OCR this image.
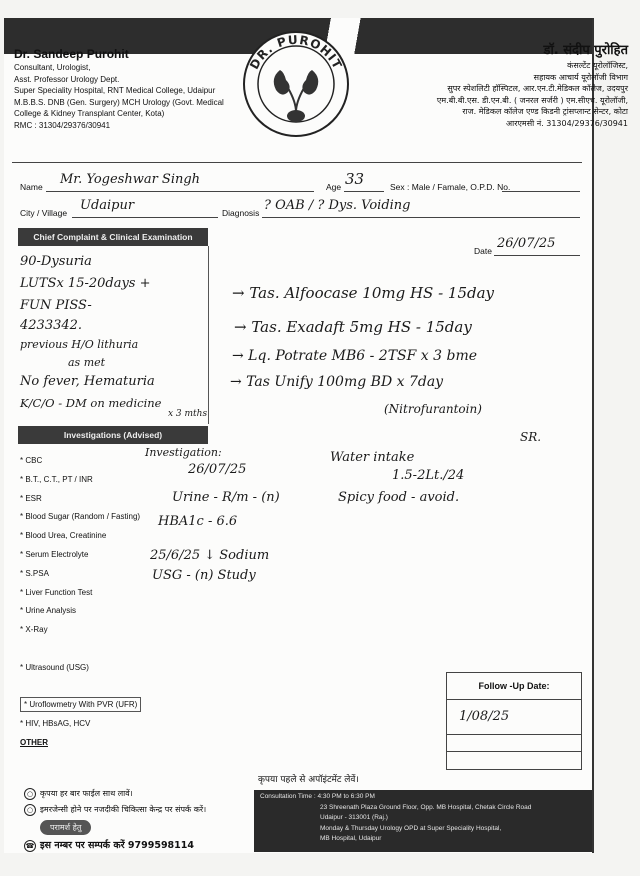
Dr. Sandeep Purohit
Consultant, Urologist,
Asst. Professor Urology Dept.
Super Speciality Hospital, RNT Medical College, Udaipur
M.B.B.S. DNB (Gen. Surgery) MCH Urology (Govt. Medical
College & Kidney Transplant Center, Kota)
RMC : 31304/29376/30941
DR. PUROHIT
डॉ. संदीप पुरोहित
कंसल्टेंट यूरोलॉजिस्ट,
सहायक आचार्य यूरोलॉजी विभाग
सुपर स्पेशलिटी हॉस्पिटल, आर.एन.टी.मेडिकल कॉलेज, उदयपुर
एम.बी.बी.एस. डी.एन.बी. ( जनरल सर्जरी ) एम.सीएच. यूरोलॉजी,
राज. मेडिकल कॉलेज एण्ड किडनी ट्रांसप्लान्ट सेन्टर, कोटा
आरएमसी नं. 31304/29376/30941
Name Mr. Yogeshwar Singh	Age 33	Sex : Male / Famale, O.P.D. No.
City / Village Udaipur	Diagnosis ? OAB / ? Dys. Voiding
Chief Complaint & Clinical Examination
90-Dysuria
LUTSx 15-20days +
FUN PISS-
4233342.
previous H/O lithuria
as met
No fever, Hematuria
K/C/O - DM on medicine
x 3 mths
Date 26/07/25
→ Tas. Alfoocase 10mg HS - 15day
→ Tas. Exadaft 5mg HS - 15day
→ Lq. Potrate MB6 - 2TSF x 3 bme
→ Tas Unify 100mg BD x 7day
(Nitrofurantoin)
SR.
Investigations (Advised)
* CBC
* B.T., C.T., PT / INR
* ESR
* Blood Sugar (Random / Fasting)
* Blood Urea, Creatinine
* Serum Electrolyte
* S.PSA
* Liver Function Test
* Urine Analysis
* X-Ray

* Ultrasound (USG)

* Uroflowmetry With PVR (UFR)
* HIV, HBsAG, HCV
OTHER
Investigation:
26/07/25
Urine - R/m - (n)
HBA1c - 6.6
25/6/25 ↓ Sodium
USG - (n) Study
Water intake
1.5-2Lt./24
Spicy food - avoid.
Follow -Up Date:
1/08/25
कृपया पहले से अपॉइंटमेंट लेवें।
○ कृपया हर बार फाईल साथ लावें।
○ इमरजेन्सी होने पर नजदीकी चिकित्सा केन्द्र पर संपर्क करें।
परामर्श हेतु
☎ इस नम्बर पर सम्पर्क करें 9799598114
Consultation Time : 4:30 PM to 6:30 PM
23 Shreenath Plaza Ground Floor, Opp. MB Hospital, Chetak Circle Road
Udaipur - 313001 (Raj.)
Monday & Thursday Urology OPD at Super Speciality Hospital,
MB Hospital, Udaipur
